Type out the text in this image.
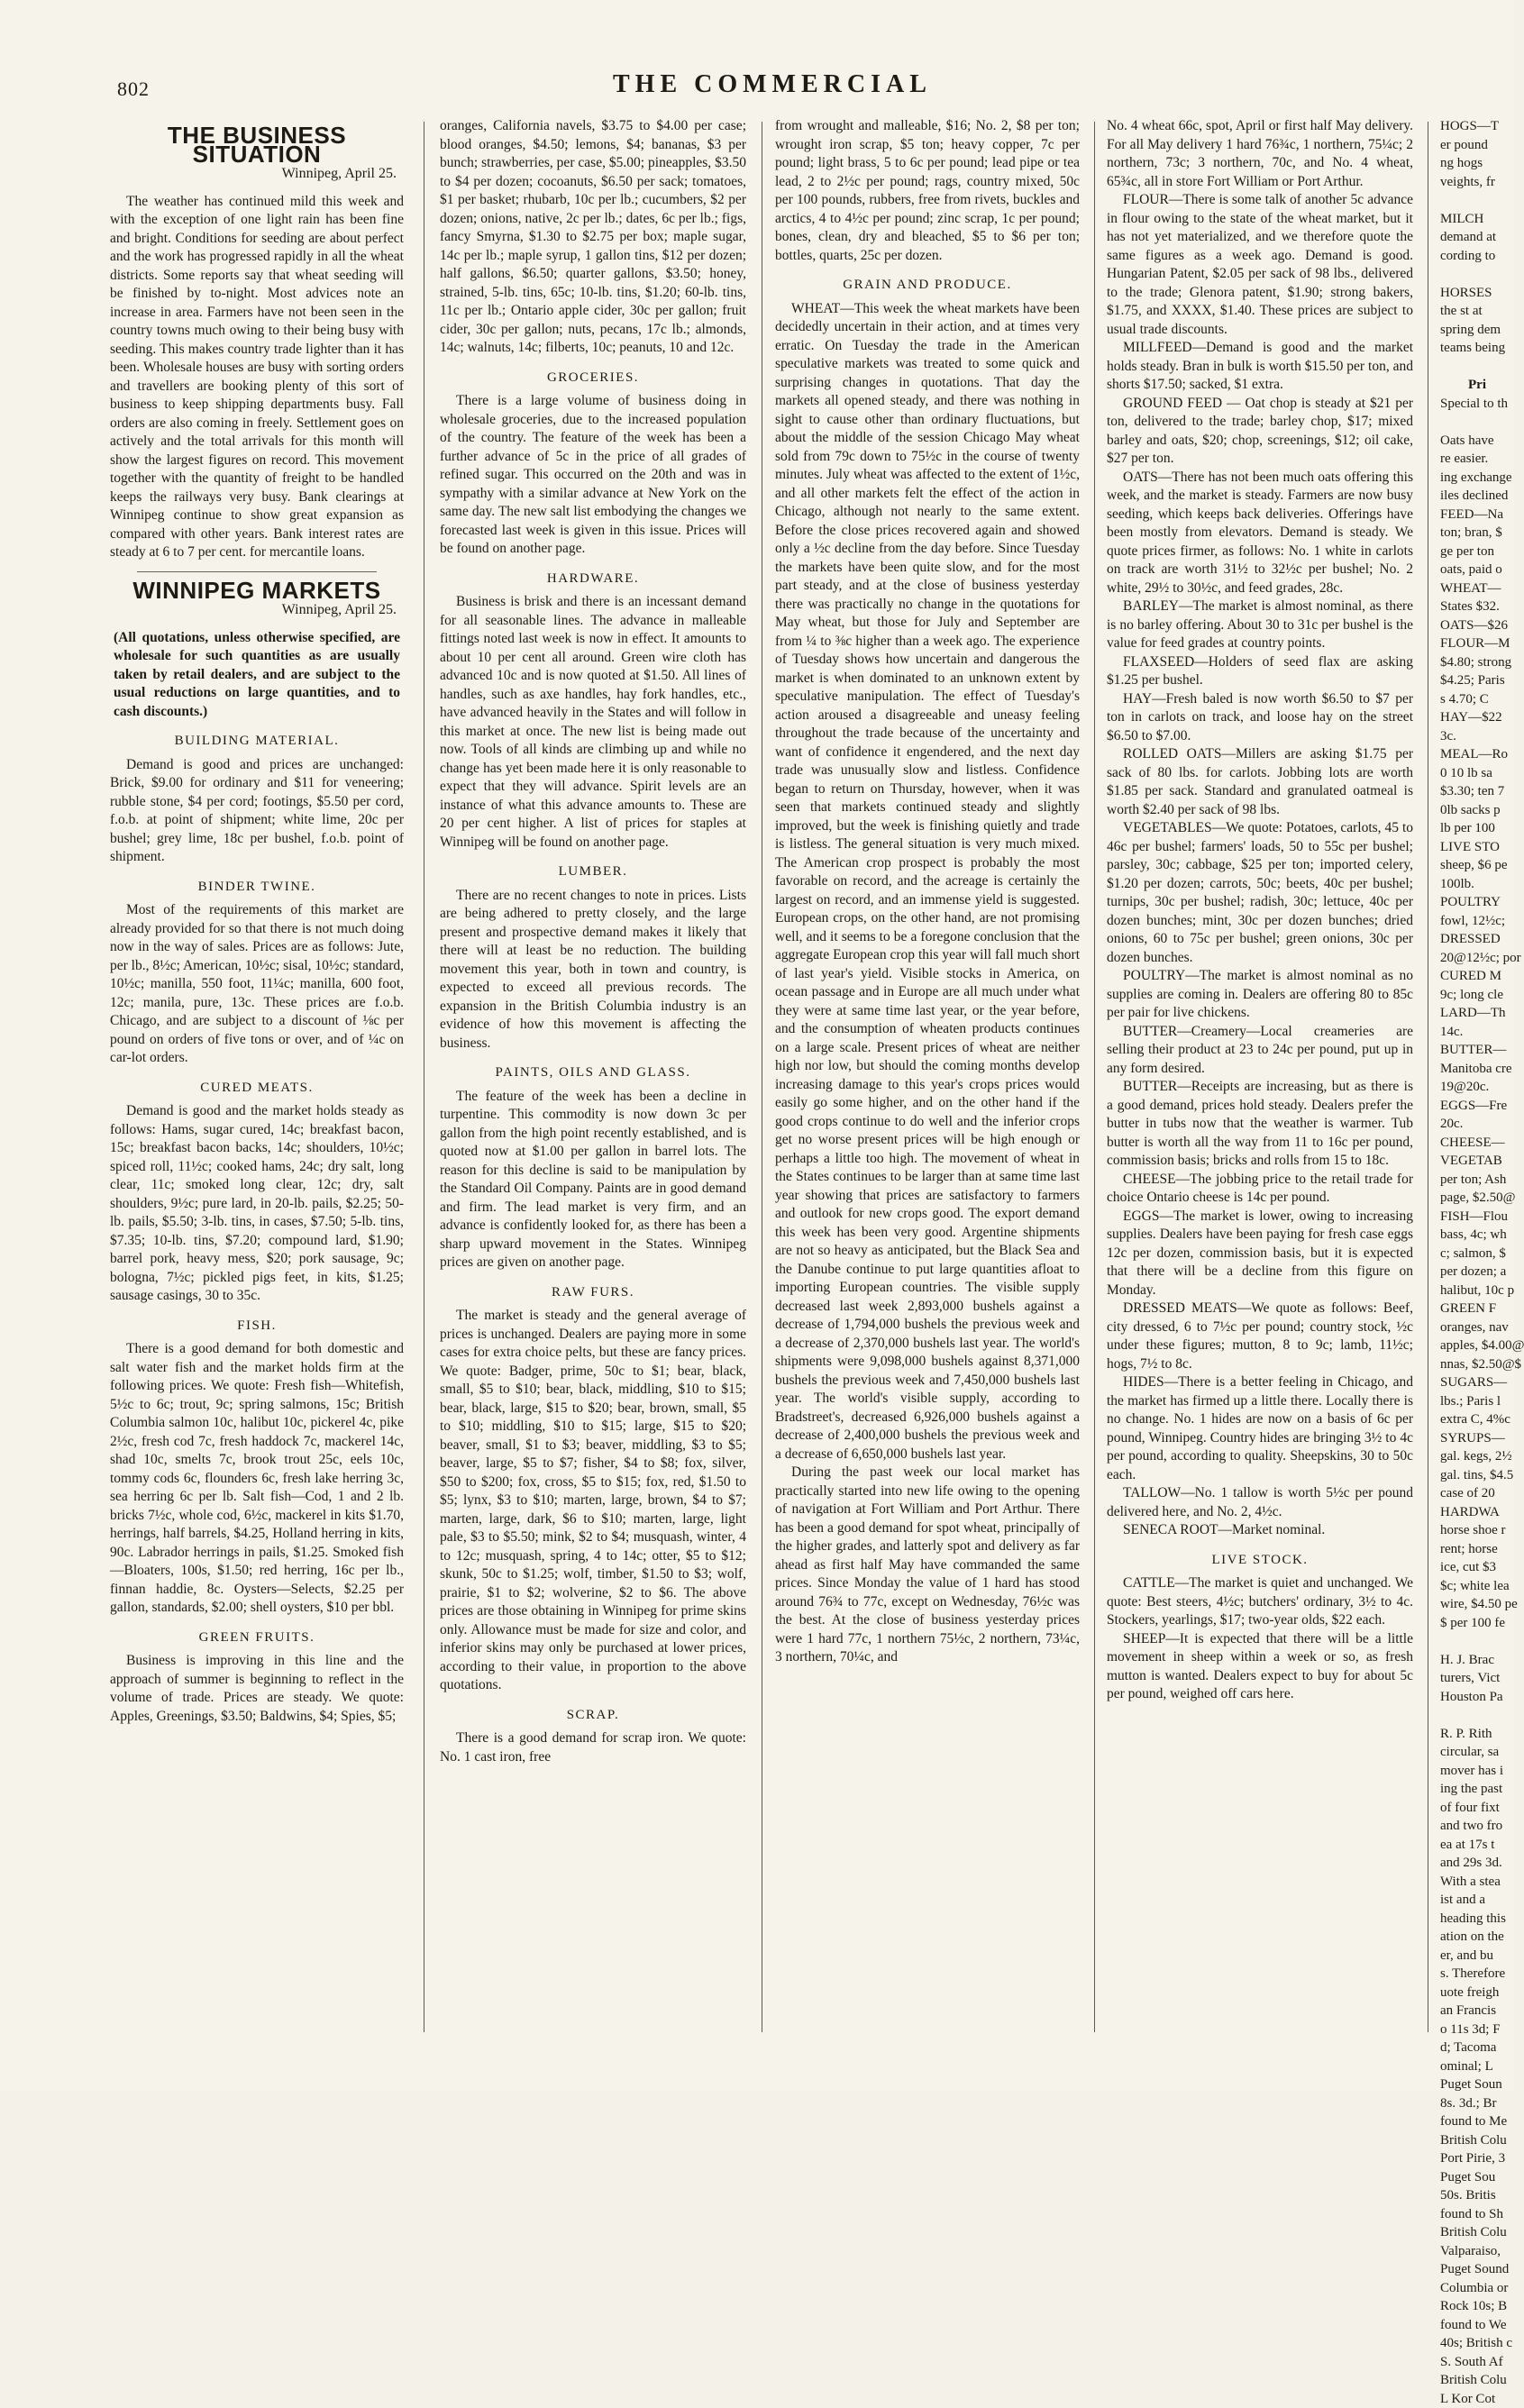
802	THE COMMERCIAL
THE BUSINESS SITUATION
Winnipeg, April 25.

The weather has continued mild this week and with the exception of one light rain has been fine and bright. Conditions for seeding are about perfect and the work has progressed rapidly in all the wheat districts. Some reports say that wheat seeding will be finished by to-night. Most advices note an increase in area. Farmers have not been seen in the country towns much owing to their being busy with seeding. This makes country trade lighter than it has been. Wholesale houses are busy with sorting orders and travellers are booking plenty of this sort of business to keep shipping departments busy. Fall orders are also coming in freely. Settlement goes on actively and the total arrivals for this month will show the largest figures on record. This movement together with the quantity of freight to be handled keeps the railways very busy. Bank clearings at Winnipeg continue to show great expansion as compared with other years. Bank interest rates are steady at 6 to 7 per cent. for mercantile loans.

WINNIPEG MARKETS
Winnipeg, April 25.

(All quotations, unless otherwise specified, are wholesale for such quantities as are usually taken by retail dealers, and are subject to the usual reductions on large quantities, and to cash discounts.)

BUILDING MATERIAL.

Demand is good and prices are unchanged: Brick, $9.00 for ordinary and $11 for veneering; rubble stone, $4 per cord; footings, $5.50 per cord, f.o.b. at point of shipment; white lime, 20c per bushel; grey lime, 18c per bushel, f.o.b. point of shipment.

BINDER TWINE.

Most of the requirements of this market are already provided for so that there is not much doing now in the way of sales. Prices are as follows: Jute, per lb., 8½c; American, 10½c; sisal, 10½c; standard, 10½c; manilla, 550 foot, 11¼c; manilla, 600 foot, 12c; manila, pure, 13c. These prices are f.o.b. Chicago, and are subject to a discount of ⅛c per pound on orders of five tons or over, and of ¼c on car-lot orders.

CURED MEATS.

Demand is good and the market holds steady as follows: Hams, sugar cured, 14c; breakfast bacon, 15c; breakfast bacon backs, 14c; shoulders, 10½c; spiced roll, 11½c; cooked hams, 24c; dry salt, long clear, 11c; smoked long clear, 12c; dry, salt shoulders, 9½c; pure lard, in 20-lb. pails, $2.25; 50-lb. pails, $5.50; 3-lb. tins, in cases, $7.50; 5-lb. tins, $7.35; 10-lb. tins, $7.20; compound lard, $1.90; barrel pork, heavy mess, $20; pork sausage, 9c; bologna, 7½c; pickled pigs feet, in kits, $1.25; sausage casings, 30 to 35c.

FISH.

There is a good demand for both domestic and salt water fish and the market holds firm at the following prices. We quote: Fresh fish—Whitefish, 5½c to 6c; trout, 9c; spring salmons, 15c; British Columbia salmon 10c, halibut 10c, pickerel 4c, pike 2½c, fresh cod 7c, fresh haddock 7c, mackerel 14c, shad 10c, smelts 7c, brook trout 25c, eels 10c, tommy cods 6c, flounders 6c, fresh lake herring 3c, sea herring 6c per lb. Salt fish—Cod, 1 and 2 lb. bricks 7½c, whole cod, 6½c, mackerel in kits $1.70, herrings, half barrels, $4.25, Holland herring in kits, 90c. Labrador herrings in pails, $1.25. Smoked fish—Bloaters, 100s, $1.50; red herring, 16c per lb., finnan haddie, 8c. Oysters—Selects, $2.25 per gallon, standards, $2.00; shell oysters, $10 per bbl.

GREEN FRUITS.

Business is improving in this line and the approach of summer is beginning to reflect in the volume of trade. Prices are steady. We quote: Apples, Greenings, $3.50; Baldwins, $4; Spies, $5;

oranges, California navels, $3.75 to $4.00 per case; blood oranges, $4.50; lemons, $4; bananas, $3 per bunch; strawberries, per case, $5.00; pineapples, $3.50 to $4 per dozen; cocoanuts, $6.50 per sack; tomatoes, $1 per basket; rhubarb, 10c per lb.; cucumbers, $2 per dozen; onions, native, 2c per lb.; dates, 6c per lb.; figs, fancy Smyrna, $1.30 to $2.75 per box; maple sugar, 14c per lb.; maple syrup, 1 gallon tins, $12 per dozen; half gallons, $6.50; quarter gallons, $3.50; honey, strained, 5-lb. tins, 65c; 10-lb. tins, $1.20; 60-lb. tins, 11c per lb.; Ontario apple cider, 30c per gallon; fruit cider, 30c per gallon; nuts, pecans, 17c lb.; almonds, 14c; walnuts, 14c; filberts, 10c; peanuts, 10 and 12c.

GROCERIES.

There is a large volume of business doing in wholesale groceries, due to the increased population of the country. The feature of the week has been a further advance of 5c in the price of all grades of refined sugar. This occurred on the 20th and was in sympathy with a similar advance at New York on the same day. The new salt list embodying the changes we forecasted last week is given in this issue. Prices will be found on another page.

HARDWARE.

Business is brisk and there is an incessant demand for all seasonable lines. The advance in malleable fittings noted last week is now in effect. It amounts to about 10 per cent all around. Green wire cloth has advanced 10c and is now quoted at $1.50. All lines of handles, such as axe handles, hay fork handles, etc., have advanced heavily in the States and will follow in this market at once. The new list is being made out now. Tools of all kinds are climbing up and while no change has yet been made here it is only reasonable to expect that they will advance. Spirit levels are an instance of what this advance amounts to. These are 20 per cent higher. A list of prices for staples at Winnipeg will be found on another page.

LUMBER.

There are no recent changes to note in prices. Lists are being adhered to pretty closely, and the large present and prospective demand makes it likely that there will at least be no reduction. The building movement this year, both in town and country, is expected to exceed all previous records. The expansion in the British Columbia industry is an evidence of how this movement is affecting the business.

PAINTS, OILS AND GLASS.

The feature of the week has been a decline in turpentine. This commodity is now down 3c per gallon from the high point recently established, and is quoted now at $1.00 per gallon in barrel lots. The reason for this decline is said to be manipulation by the Standard Oil Company. Paints are in good demand and firm. The lead market is very firm, and an advance is confidently looked for, as there has been a sharp upward movement in the States. Winnipeg prices are given on another page.

RAW FURS.

The market is steady and the general average of prices is unchanged. Dealers are paying more in some cases for extra choice pelts, but these are fancy prices. We quote: Badger, prime, 50c to $1; bear, black, small, $5 to $10; bear, black, middling, $10 to $15; bear, black, large, $15 to $20; bear, brown, small, $5 to $10; middling, $10 to $15; large, $15 to $20; beaver, small, $1 to $3; beaver, middling, $3 to $5; beaver, large, $5 to $7; fisher, $4 to $8; fox, silver, $50 to $200; fox, cross, $5 to $15; fox, red, $1.50 to $5; lynx, $3 to $10; marten, large, brown, $4 to $7; marten, large, dark, $6 to $10; marten, large, light pale, $3 to $5.50; mink, $2 to $4; musquash, winter, 4 to 12c; musquash, spring, 4 to 14c; otter, $5 to $12; skunk, 50c to $1.25; wolf, timber, $1.50 to $3; wolf, prairie, $1 to $2; wolverine, $2 to $6. The above prices are those obtaining in Winnipeg for prime skins only. Allowance must be made for size and color, and inferior skins may only be purchased at lower prices, according to their value, in proportion to the above quotations.

SCRAP.

There is a good demand for scrap iron. We quote: No. 1 cast iron, free

from wrought and malleable, $16; No. 2, $8 per ton; wrought iron scrap, $5 ton; heavy copper, 7c per pound; light brass, 5 to 6c per pound; lead pipe or tea lead, 2 to 2½c per pound; rags, country mixed, 50c per 100 pounds, rubbers, free from rivets, buckles and arctics, 4 to 4½c per pound; zinc scrap, 1c per pound; bones, clean, dry and bleached, $5 to $6 per ton; bottles, quarts, 25c per dozen.

GRAIN AND PRODUCE.

WHEAT—This week the wheat markets have been decidedly uncertain in their action, and at times very erratic. On Tuesday the trade in the American speculative markets was treated to some quick and surprising changes in quotations. That day the markets all opened steady, and there was nothing in sight to cause other than ordinary fluctuations, but about the middle of the session Chicago May wheat sold from 79c down to 75½c in the course of twenty minutes. July wheat was affected to the extent of 1½c, and all other markets felt the effect of the action in Chicago, although not nearly to the same extent. Before the close prices recovered again and showed only a ½c decline from the day before. Since Tuesday the markets have been quite slow, and for the most part steady, and at the close of business yesterday there was practically no change in the quotations for May wheat, but those for July and September are from ¼ to ⅜c higher than a week ago. The experience of Tuesday shows how uncertain and dangerous the market is when dominated to an unknown extent by speculative manipulation. The effect of Tuesday's action aroused a disagreeable and uneasy feeling throughout the trade because of the uncertainty and want of confidence it engendered, and the next day trade was unusually slow and listless. Confidence began to return on Thursday, however, when it was seen that markets continued steady and slightly improved, but the week is finishing quietly and trade is listless. The general situation is very much mixed. The American crop prospect is probably the most favorable on record, and the acreage is certainly the largest on record, and an immense yield is suggested. European crops, on the other hand, are not promising well, and it seems to be a foregone conclusion that the aggregate European crop this year will fall much short of last year's yield. Visible stocks in America, on ocean passage and in Europe are all much under what they were at same time last year, or the year before, and the consumption of wheaten products continues on a large scale. Present prices of wheat are neither high nor low, but should the coming months develop increasing damage to this year's crops prices would easily go some higher, and on the other hand if the good crops continue to do well and the inferior crops get no worse present prices will be high enough or perhaps a little too high. The movement of wheat in the States continues to be larger than at same time last year showing that prices are satisfactory to farmers and outlook for new crops good. The export demand this week has been very good. Argentine shipments are not so heavy as anticipated, but the Black Sea and the Danube continue to put large quantities afloat to importing European countries. The visible supply decreased last week 2,893,000 bushels against a decrease of 1,794,000 bushels the previous week and a decrease of 2,370,000 bushels last year. The world's shipments were 9,098,000 bushels against 8,371,000 bushels the previous week and 7,450,000 bushels last year. The world's visible supply, according to Bradstreet's, decreased 6,926,000 bushels against a decrease of 2,400,000 bushels the previous week and a decrease of 6,650,000 bushels last year.

During the past week our local market has practically started into new life owing to the opening of navigation at Fort William and Port Arthur. There has been a good demand for spot wheat, principally of the higher grades, and latterly spot and delivery as far ahead as first half May have commanded the same prices. Since Monday the value of 1 hard has stood around 76¾ to 77c, except on Wednesday, 76½c was the best. At the close of business yesterday prices were 1 hard 77c, 1 northern 75½c, 2 northern, 73¼c, 3 northern, 70¼c, and

No. 4 wheat 66c, spot, April or first half May delivery. For all May delivery 1 hard 76¾c, 1 northern, 75¼c; 2 northern, 73c; 3 northern, 70c, and No. 4 wheat, 65¾c, all in store Fort William or Port Arthur.

FLOUR—There is some talk of another 5c advance in flour owing to the state of the wheat market, but it has not yet materialized, and we therefore quote the same figures as a week ago. Demand is good. Hungarian Patent, $2.05 per sack of 98 lbs., delivered to the trade; Glenora patent, $1.90; strong bakers, $1.75, and XXXX, $1.40. These prices are subject to usual trade discounts.

MILLFEED—Demand is good and the market holds steady. Bran in bulk is worth $15.50 per ton, and shorts $17.50; sacked, $1 extra.

GROUND FEED — Oat chop is steady at $21 per ton, delivered to the trade; barley chop, $17; mixed barley and oats, $20; chop, screenings, $12; oil cake, $27 per ton.

OATS—There has not been much oats offering this week, and the market is steady. Farmers are now busy seeding, which keeps back deliveries. Offerings have been mostly from elevators. Demand is steady. We quote prices firmer, as follows: No. 1 white in carlots on track are worth 31½ to 32½c per bushel; No. 2 white, 29½ to 30½c, and feed grades, 28c.

BARLEY—The market is almost nominal, as there is no barley offering. About 30 to 31c per bushel is the value for feed grades at country points.

FLAXSEED—Holders of seed flax are asking $1.25 per bushel.

HAY—Fresh baled is now worth $6.50 to $7 per ton in carlots on track, and loose hay on the street $6.50 to $7.00.

ROLLED OATS—Millers are asking $1.75 per sack of 80 lbs. for carlots. Jobbing lots are worth $1.85 per sack. Standard and granulated oatmeal is worth $2.40 per sack of 98 lbs.

VEGETABLES—We quote: Potatoes, carlots, 45 to 46c per bushel; farmers' loads, 50 to 55c per bushel; parsley, 30c; cabbage, $25 per ton; imported celery, $1.20 per dozen; carrots, 50c; beets, 40c per bushel; turnips, 30c per bushel; radish, 30c; lettuce, 40c per dozen bunches; mint, 30c per dozen bunches; dried onions, 60 to 75c per bushel; green onions, 30c per dozen bunches.

POULTRY—The market is almost nominal as no supplies are coming in. Dealers are offering 80 to 85c per pair for live chickens.

BUTTER—Creamery—Local creameries are selling their product at 23 to 24c per pound, put up in any form desired.

BUTTER—Receipts are increasing, but as there is a good demand, prices hold steady. Dealers prefer the butter in tubs now that the weather is warmer. Tub butter is worth all the way from 11 to 16c per pound, commission basis; bricks and rolls from 15 to 18c.

CHEESE—The jobbing price to the retail trade for choice Ontario cheese is 14c per pound.

EGGS—The market is lower, owing to increasing supplies. Dealers have been paying for fresh case eggs 12c per dozen, commission basis, but it is expected that there will be a decline from this figure on Monday.

DRESSED MEATS—We quote as follows: Beef, city dressed, 6 to 7½c per pound; country stock, ½c under these figures; mutton, 8 to 9c; lamb, 11½c; hogs, 7½ to 8c.

HIDES—There is a better feeling in Chicago, and the market has firmed up a little there. Locally there is no change. No. 1 hides are now on a basis of 6c per pound, Winnipeg. Country hides are bringing 3½ to 4c per pound, according to quality. Sheepskins, 30 to 50c each.

TALLOW—No. 1 tallow is worth 5½c per pound delivered here, and No. 2, 4½c.

SENECA ROOT—Market nominal.

LIVE STOCK.

CATTLE—The market is quiet and unchanged. We quote: Best steers, 4½c; butchers' ordinary, 3½ to 4c. Stockers, yearlings, $17; two-year olds, $22 each.

SHEEP—It is expected that there will be a little movement in sheep within a week or so, as fresh mutton is wanted. Dealers expect to buy for about 5c per pound, weighed off cars here.

HOGS—T
er pound
ng hogs
veights, fr
MILCH
demand at
cording to
HORSES
the st at
spring dem
teams being
Pri
Special to th
Oats have
re easier.
ing exchange
iles declined
FEED—Na
ton; bran, $
ge per ton
oats, paid o
WHEAT—
States $32.
OATS—$26
FLOUR—M
$4.80; strong
$4.25; Paris
s 4.70; C
HAY—$22
3c.
MEAL—Ro
0 10 lb sa
$3.30; ten 7
0lb sacks p
lb per 100
LIVE STO
sheep, $6 pe
100lb.
POULTRY
fowl, 12½c;
DRESSED
20@12½c; por
CURED M
9c; long cle
LARD—Th
14c.
BUTTER—
Manitoba cre
19@20c.
EGGS—Fre
20c.
CHEESE—
VEGETAB
per ton; Ash
page, $2.50@
FISH—Flou
bass, 4c; wh
c; salmon, $
per dozen; a
halibut, 10c p
GREEN F
oranges, nav
apples, $4.00@
nnas, $2.50@$
SUGARS—
lbs.; Paris l
extra C, 4%c
SYRUPS—
gal. kegs, 2½
gal. tins, $4.5
case of 20
HARDWA
horse shoe r
rent; horse
ice, cut $3
$c; white lea
wire, $4.50 pe
$ per 100 fe
H. J. Brac
turers, Vict
Houston Pa
R. P. Rith
circular, sa
mover has i
ing the past
of four fixt
and two fro
ea at 17s t
and 29s 3d.
With a stea
ist and a
heading this
ation on the
er, and bu
s. Therefore
uote freigh
an Francis
o 11s 3d; F
d; Tacoma
ominal; L
Puget Soun
8s. 3d.; Br
found to Me
British Colu
Port Pirie, 3
Puget Sou
50s. Britis
found to Sh
British Colu
Valparaiso,
Puget Sound
Columbia or
Rock 10s; B
found to We
40s; British c
S. South Af
British Colu
L Kor Cot
